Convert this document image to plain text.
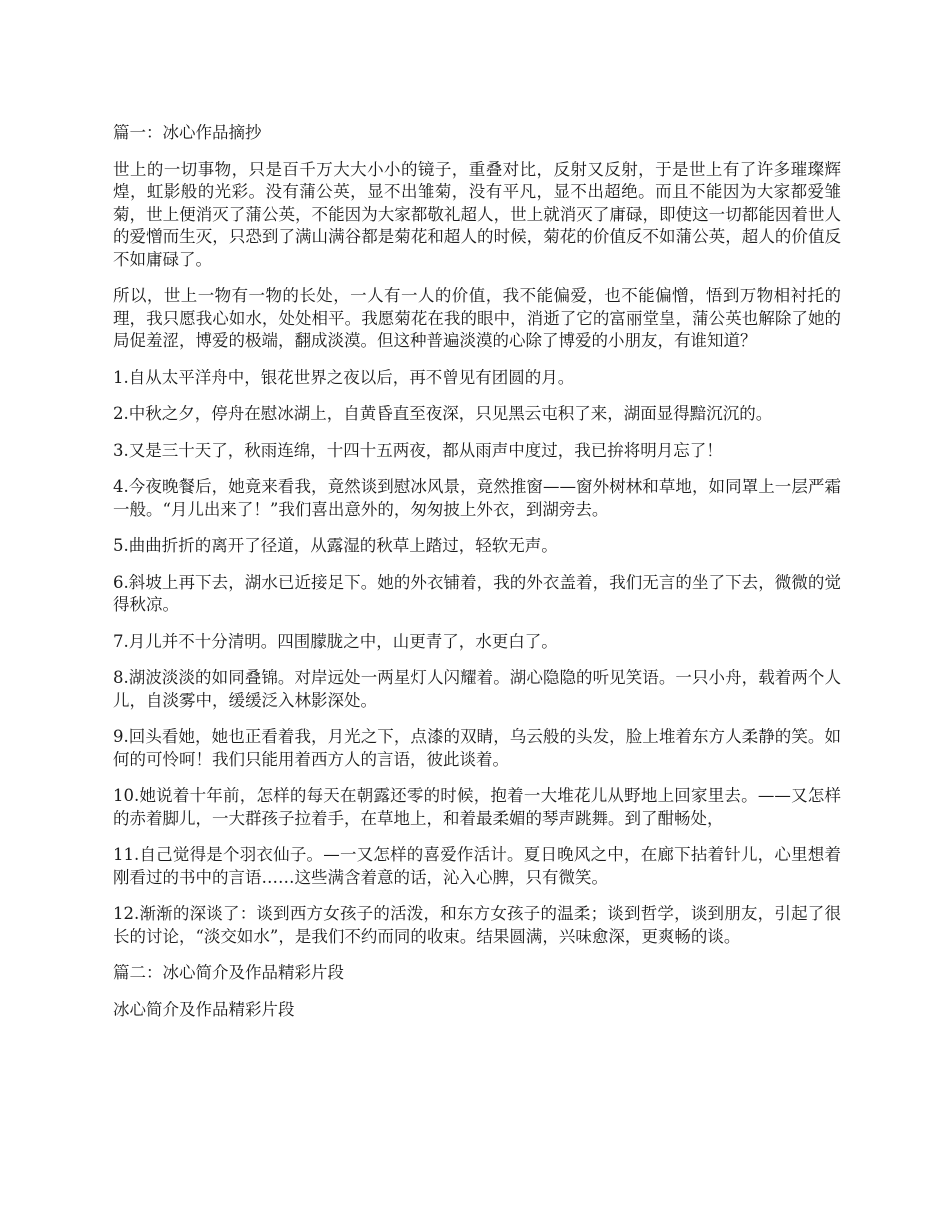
篇一：冰心作品摘抄

世上的一切事物，只是百千万大大小小的镜子，重叠对比，反射又反射，于是世上有了许多璀璨辉煌，虹影般的光彩。没有蒲公英，显不出雏菊，没有平凡，显不出超绝。而且不能因为大家都爱雏菊，世上便消灭了蒲公英，不能因为大家都敬礼超人，世上就消灭了庸碌，即使这一切都能因着世人的爱憎而生灭，只恐到了满山满谷都是菊花和超人的时候，菊花的价值反不如蒲公英，超人的价值反不如庸碌了。

所以，世上一物有一物的长处，一人有一人的价值，我不能偏爱，也不能偏憎，悟到万物相衬托的理，我只愿我心如水，处处相平。我愿菊花在我的眼中，消逝了它的富丽堂皇，蒲公英也解除了她的局促羞涩，博爱的极端，翻成淡漠。但这种普遍淡漠的心除了博爱的小朋友，有谁知道？

1.自从太平洋舟中，银花世界之夜以后，再不曾见有团圆的月。

2.中秋之夕，停舟在慰冰湖上，自黄昏直至夜深，只见黑云屯积了来，湖面显得黯沉沉的。

3.又是三十天了，秋雨连绵，十四十五两夜，都从雨声中度过，我已拚将明月忘了！

4.今夜晚餐后，她竟来看我，竟然谈到慰冰风景，竟然推窗——窗外树林和草地，如同罩上一层严霜一般。“月儿出来了！”我们喜出意外的，匆匆披上外衣，到湖旁去。

5.曲曲折折的离开了径道，从露湿的秋草上踏过，轻软无声。

6.斜坡上再下去，湖水已近接足下。她的外衣铺着，我的外衣盖着，我们无言的坐了下去，微微的觉得秋凉。

7.月儿并不十分清明。四围朦胧之中，山更青了，水更白了。

8.湖波淡淡的如同叠锦。对岸远处一两星灯人闪耀着。湖心隐隐的听见笑语。一只小舟，载着两个人儿，自淡雾中，缓缓泛入林影深处。

9.回头看她，她也正看着我，月光之下，点漆的双睛，乌云般的头发，脸上堆着东方人柔静的笑。如何的可怜呵！我们只能用着西方人的言语，彼此谈着。

10.她说着十年前，怎样的每天在朝露还零的时候，抱着一大堆花儿从野地上回家里去。——又怎样的赤着脚儿，一大群孩子拉着手，在草地上，和着最柔媚的琴声跳舞。到了酣畅处，

11.自己觉得是个羽衣仙子。—一又怎样的喜爱作活计。夏日晚风之中，在廊下拈着针儿，心里想着刚看过的书中的言语……这些满含着意的话，沁入心脾，只有微笑。

12.渐渐的深谈了：谈到西方女孩子的活泼，和东方女孩子的温柔；谈到哲学，谈到朋友，引起了很长的讨论，“淡交如水”，是我们不约而同的收束。结果圆满，兴味愈深，更爽畅的谈。

篇二：冰心简介及作品精彩片段

冰心简介及作品精彩片段
